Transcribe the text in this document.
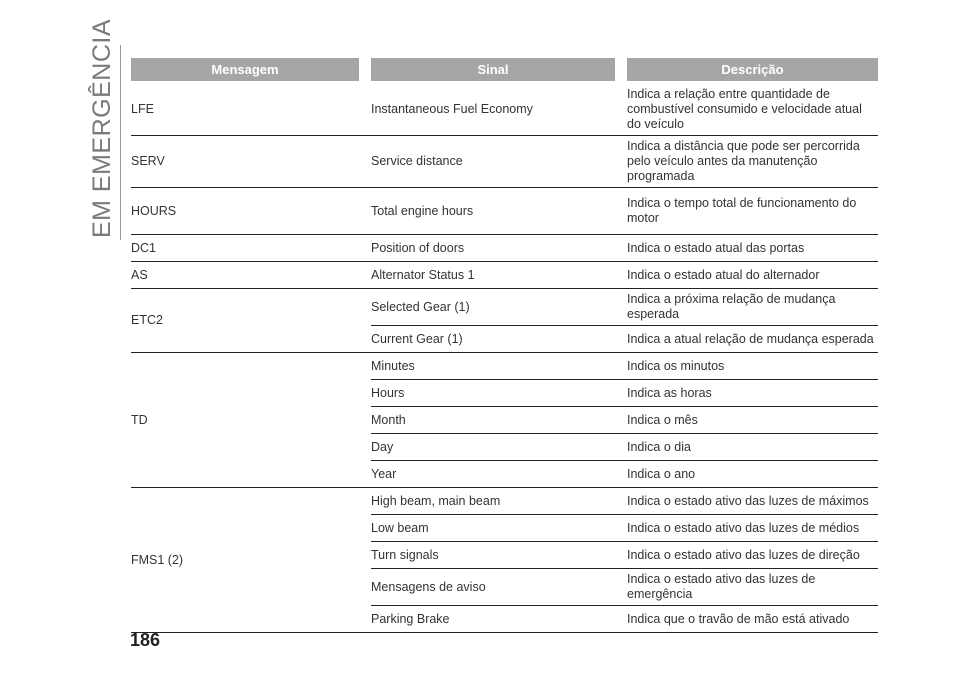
EM EMERGÊNCIA	Mensagem	Sinal	Descrição
LFE	Instantaneous Fuel Economy	Indica a relação entre quantidade de combustível consumido e velocidade atual do veículo
SERV	Service distance	Indica a distância que pode ser percorrida pelo veículo antes da manutenção programada
HOURS	Total engine hours	Indica o tempo total de funcionamento do motor
DC1	Position of doors	Indica o estado atual das portas
AS	Alternator Status 1	Indica o estado atual do alternador
ETC2	Selected Gear (1)	Indica a próxima relação de mudança esperada
	Current Gear (1)	Indica a atual relação de mudança esperada
TD	Minutes	Indica os minutos
	Hours	Indica as horas
	Month	Indica o mês
	Day	Indica o dia
	Year	Indica o ano
FMS1 (2)	High beam, main beam	Indica o estado ativo das luzes de máximos
	Low beam	Indica o estado ativo das luzes de médios
	Turn signals	Indica o estado ativo das luzes de direção
	Mensagens de aviso	Indica o estado ativo das luzes de emergência
	Parking Brake	Indica que o travão de mão está ativado
186
